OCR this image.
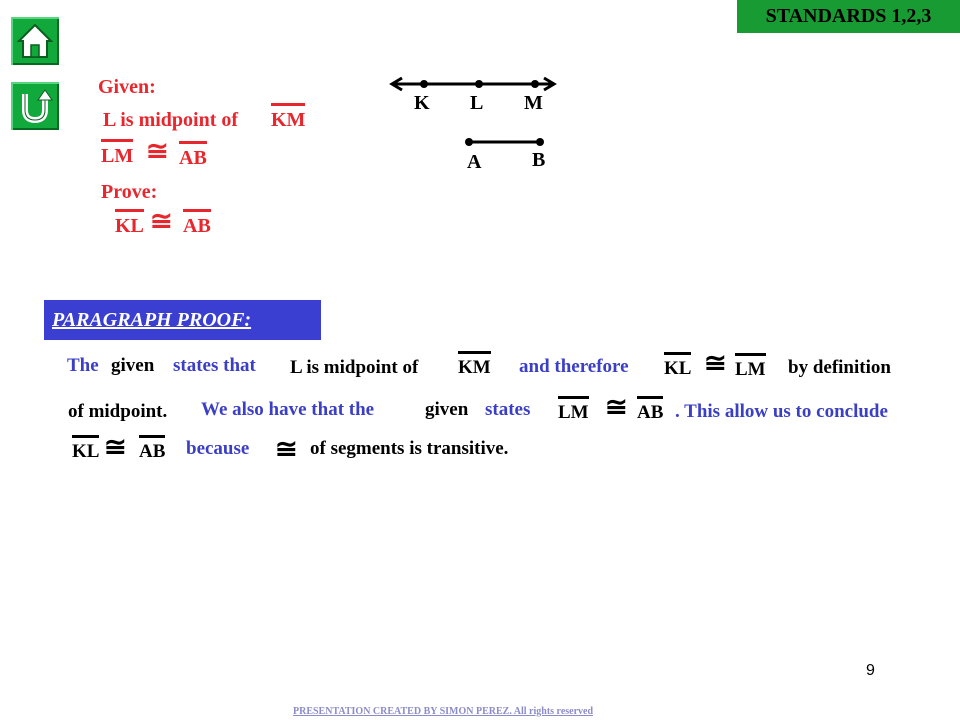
STANDARDS 1,2,3
Given:
L is midpoint of KM
LM ≅ AB
Prove:
KL ≅ AB
K L M
A	B
PARAGRAPH PROOF:
The given states that L is midpoint of KM and therefore KL ≅ LM by definition
of midpoint. We also have that the	given states LM ≅ AB . This allow us to conclude
KL ≅ AB because ≅ of segments is transitive.
9
PRESENTATION CREATED BY SIMON PEREZ. All rights reserved
